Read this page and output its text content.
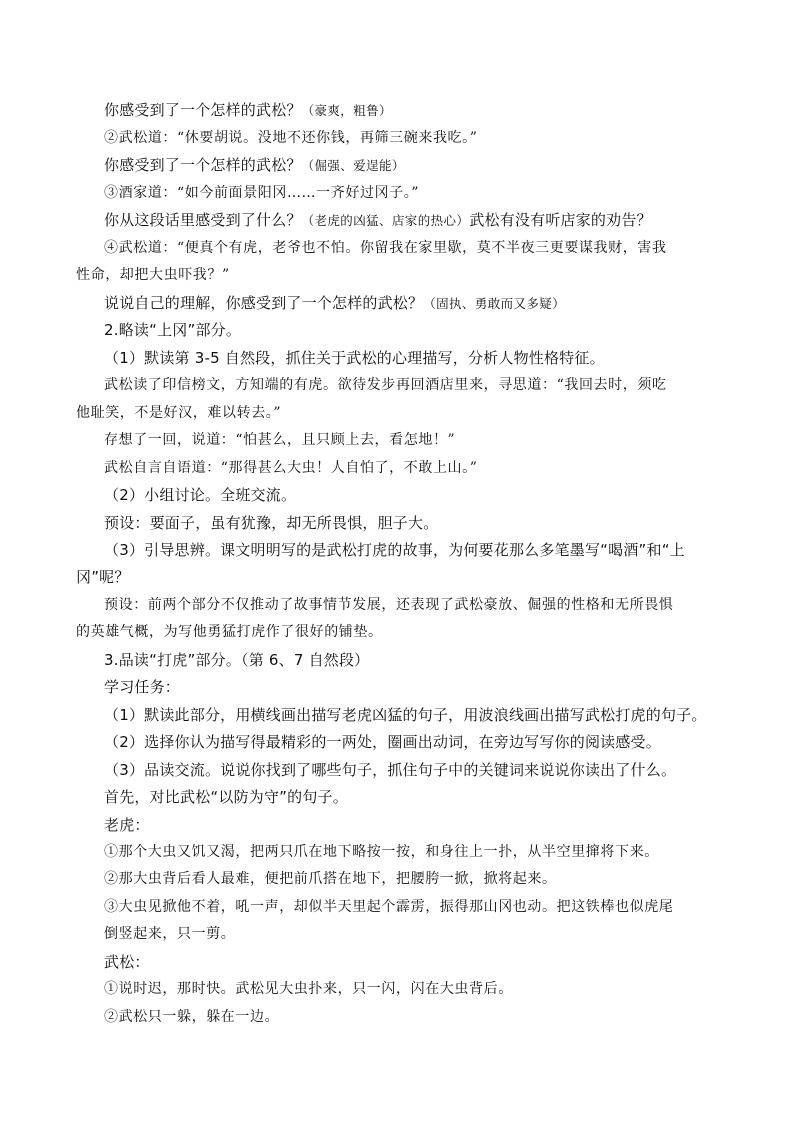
你感受到了一个怎样的武松？（豪爽，粗鲁）
②武松道：“休要胡说。没地不还你钱，再筛三碗来我吃。”
你感受到了一个怎样的武松？（倔强、爱逞能）
③酒家道：“如今前面景阳冈……一齐好过冈子。”
你从这段话里感受到了什么？（老虎的凶猛、店家的热心）武松有没有听店家的劝告？
④武松道：“便真个有虎，老爷也不怕。你留我在家里歇，莫不半夜三更要谋我财，害我
性命，却把大虫吓我？”
说说自己的理解，你感受到了一个怎样的武松？（固执、勇敢而又多疑）
2.略读“上冈”部分。
（1）默读第 3-5 自然段，抓住关于武松的心理描写，分析人物性格特征。
武松读了印信榜文，方知端的有虎。欲待发步再回酒店里来，寻思道：“我回去时，须吃
他耻笑，不是好汉，难以转去。”
存想了一回，说道：“怕甚么，且只顾上去，看怎地！”
武松自言自语道：“那得甚么大虫！人自怕了，不敢上山。”
（2）小组讨论。全班交流。
预设：要面子，虽有犹豫，却无所畏惧，胆子大。
（3）引导思辨。课文明明写的是武松打虎的故事，为何要花那么多笔墨写“喝酒”和“上
冈”呢？
预设：前两个部分不仅推动了故事情节发展，还表现了武松豪放、倔强的性格和无所畏惧
的英雄气概，为写他勇猛打虎作了很好的铺垫。
3.品读“打虎”部分。（第 6、7 自然段）
学习任务：
（1）默读此部分，用横线画出描写老虎凶猛的句子，用波浪线画出描写武松打虎的句子。
（2）选择你认为描写得最精彩的一两处，圈画出动词，在旁边写写你的阅读感受。
（3）品读交流。说说你找到了哪些句子，抓住句子中的关键词来说说你读出了什么。
首先，对比武松“以防为守”的句子。
老虎：
①那个大虫又饥又渴，把两只爪在地下略按一按，和身往上一扑，从半空里撺将下来。
②那大虫背后看人最难，便把前爪搭在地下，把腰胯一掀，掀将起来。
③大虫见掀他不着，吼一声，却似半天里起个霹雳，振得那山冈也动。把这铁棒也似虎尾
倒竖起来，只一剪。
武松：
①说时迟，那时快。武松见大虫扑来，只一闪，闪在大虫背后。
②武松只一躲，躲在一边。
